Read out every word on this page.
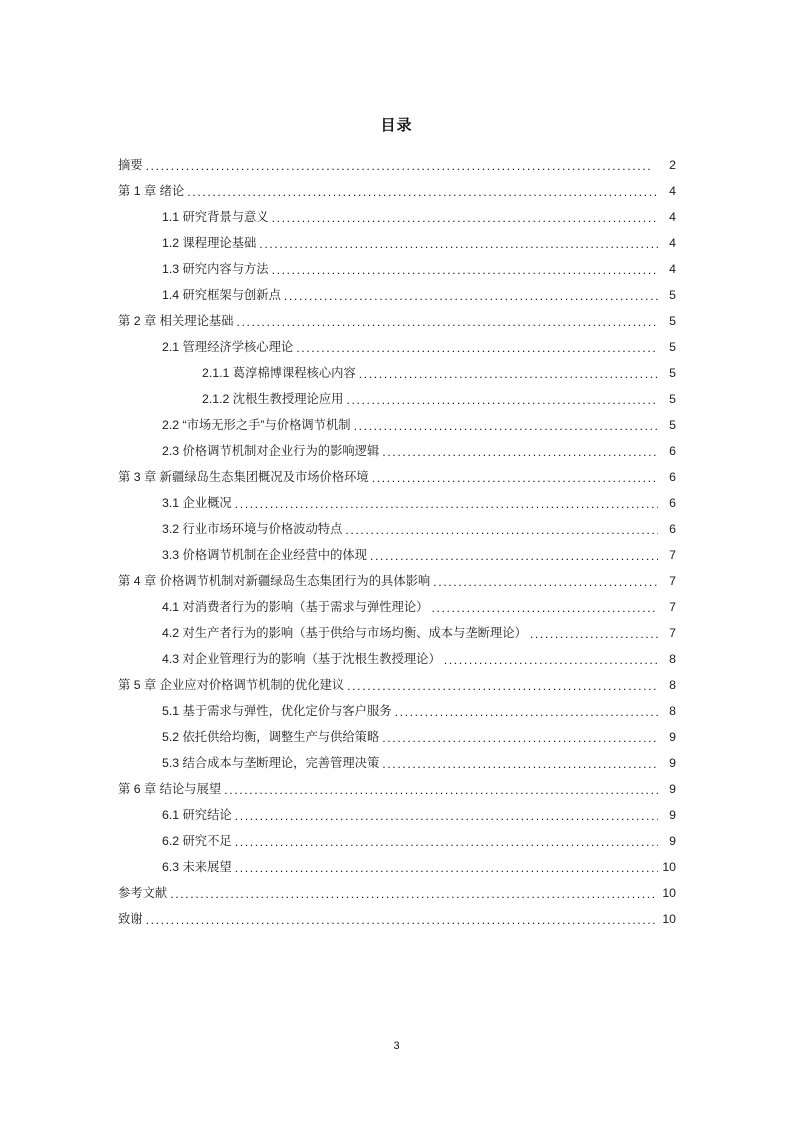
目录
摘要 .....	2
第 1 章 绪论 .....	4
1.1 研究背景与意义 .....	4
1.2 课程理论基础 .....	4
1.3 研究内容与方法 .....	4
1.4 研究框架与创新点 .....	5
第 2 章 相关理论基础 .....	5
2.1 管理经济学核心理论 .....	5
2.1.1 葛淳棉博课程核心内容 .....	5
2.1.2 沈根生教授理论应用 .....	5
2.2 “市场无形之手”与价格调节机制 .....	5
2.3 价格调节机制对企业行为的影响逻辑 .....	6
第 3 章 新疆绿岛生态集团概况及市场价格环境 .....	6
3.1 企业概况 .....	6
3.2 行业市场环境与价格波动特点 .....	6
3.3 价格调节机制在企业经营中的体现 .....	7
第 4 章 价格调节机制对新疆绿岛生态集团行为的具体影响 .....	7
4.1 对消费者行为的影响（基于需求与弹性理论） .....	7
4.2 对生产者行为的影响（基于供给与市场均衡、成本与垄断理论） .....	7
4.3 对企业管理行为的影响（基于沈根生教授理论） .....	8
第 5 章 企业应对价格调节机制的优化建议 .....	8
5.1 基于需求与弹性，优化定价与客户服务 .....	8
5.2 依托供给均衡，调整生产与供给策略 .....	9
5.3 结合成本与垄断理论，完善管理决策 .....	9
第 6 章 结论与展望 .....	9
6.1 研究结论 .....	9
6.2 研究不足 .....	9
6.3 未来展望 .....	10
参考文献 .....	10
致谢 .....	10
3
